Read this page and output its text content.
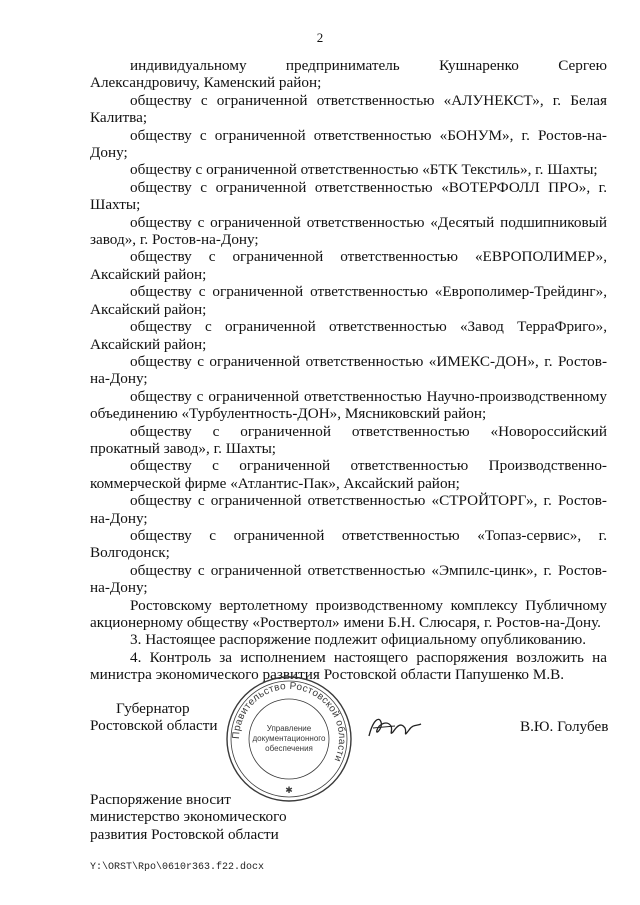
2

индивидуальному предприниматель Кушнаренко Сергею Александровичу, Каменский район;

обществу с ограниченной ответственностью «АЛУНЕКСТ», г. Белая Калитва;

обществу с ограниченной ответственностью «БОНУМ», г. Ростов-на-Дону;

обществу с ограниченной ответственностью «БТК Текстиль», г. Шахты;

обществу с ограниченной ответственностью «ВОТЕРФОЛЛ ПРО», г. Шахты;

обществу с ограниченной ответственностью «Десятый подшипниковый завод», г. Ростов-на-Дону;

обществу с ограниченной ответственностью «ЕВРОПОЛИМЕР», Аксайский район;

обществу с ограниченной ответственностью «Европолимер-Трейдинг», Аксайский район;

обществу с ограниченной ответственностью «Завод ТерраФриго», Аксайский район;

обществу с ограниченной ответственностью «ИМЕКС-ДОН», г. Ростов-на-Дону;

обществу с ограниченной ответственностью Научно-производственному объединению «Турбулентность-ДОН», Мясниковский район;

обществу с ограниченной ответственностью «Новороссийский прокатный завод», г. Шахты;

обществу с ограниченной ответственностью Производственно-коммерческой фирме «Атлантис-Пак», Аксайский район;

обществу с ограниченной ответственностью «СТРОЙТОРГ», г. Ростов-на-Дону;

обществу с ограниченной ответственностью «Топаз-сервис», г. Волгодонск;

обществу с ограниченной ответственностью «Эмпилс-цинк», г. Ростов-на-Дону;

Ростовскому вертолетному производственному комплексу Публичному акционерному обществу «Роствертол» имени Б.Н. Слюсаря, г. Ростов-на-Дону.

3. Настоящее распоряжение подлежит официальному опубликованию.

4. Контроль за исполнением настоящего распоряжения возложить на министра экономического развития Ростовской области Папушенко М.В.

Губернатор
Ростовской области
Правительство Ростовской области
Управление
документационного
обеспечения
✱
В.Ю. Голубев
Распоряжение вносит
министерство экономического
развития Ростовской области
Y:\ORST\Rpo\0610r363.f22.docx
